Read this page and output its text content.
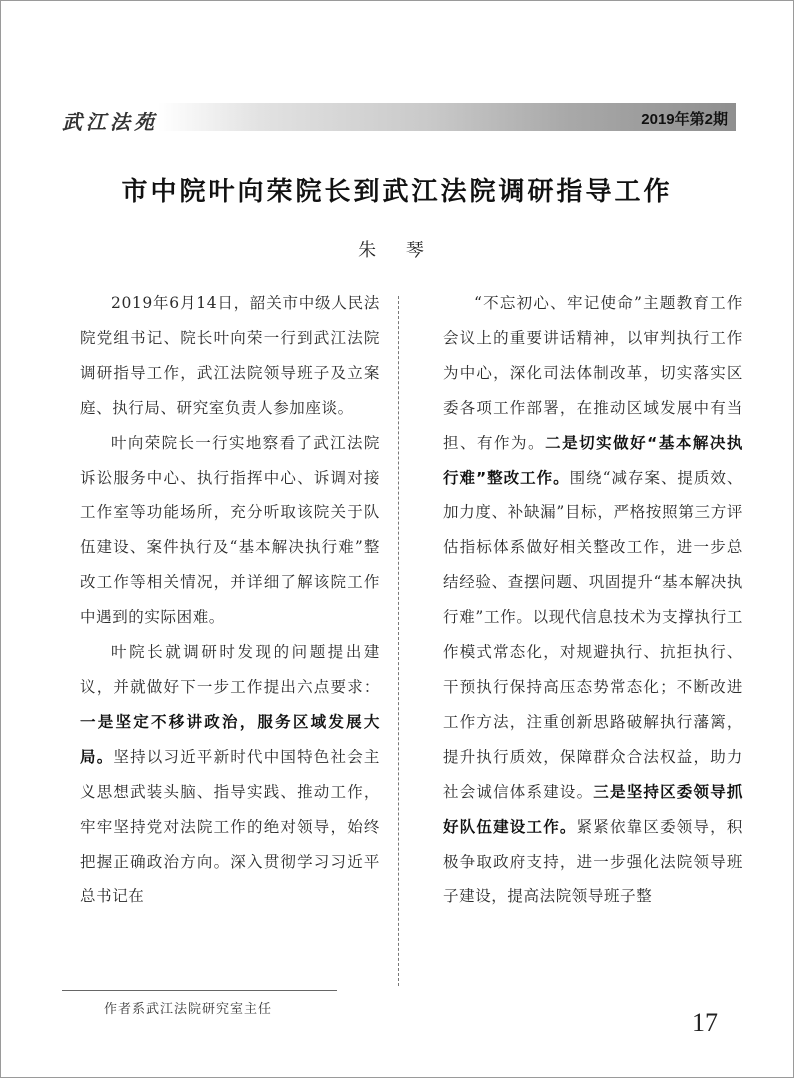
武江法苑	2019年第2期
市中院叶向荣院长到武江法院调研指导工作
朱 琴

2019年6月14日，韶关市中级人民法院党组书记、院长叶向荣一行到武江法院调研指导工作，武江法院领导班子及立案庭、执行局、研究室负责人参加座谈。

叶向荣院长一行实地察看了武江法院诉讼服务中心、执行指挥中心、诉调对接工作室等功能场所，充分听取该院关于队伍建设、案件执行及“基本解决执行难”整改工作等相关情况，并详细了解该院工作中遇到的实际困难。

叶院长就调研时发现的问题提出建议，并就做好下一步工作提出六点要求：一是坚定不移讲政治，服务区域发展大局。坚持以习近平新时代中国特色社会主义思想武装头脑、指导实践、推动工作，牢牢坚持党对法院工作的绝对领导，始终把握正确政治方向。深入贯彻学习习近平总书记在

“不忘初心、牢记使命”主题教育工作会议上的重要讲话精神，以审判执行工作为中心，深化司法体制改革，切实落实区委各项工作部署，在推动区域发展中有当担、有作为。二是切实做好“基本解决执行难”整改工作。围绕“减存案、提质效、加力度、补缺漏”目标，严格按照第三方评估指标体系做好相关整改工作，进一步总结经验、查摆问题、巩固提升“基本解决执行难”工作。以现代信息技术为支撑执行工作模式常态化，对规避执行、抗拒执行、干预执行保持高压态势常态化；不断改进工作方法，注重创新思路破解执行藩篱，提升执行质效，保障群众合法权益，助力社会诚信体系建设。三是坚持区委领导抓好队伍建设工作。紧紧依靠区委领导，积极争取政府支持，进一步强化法院领导班子建设，提高法院领导班子整

作者系武江法院研究室主任	17
